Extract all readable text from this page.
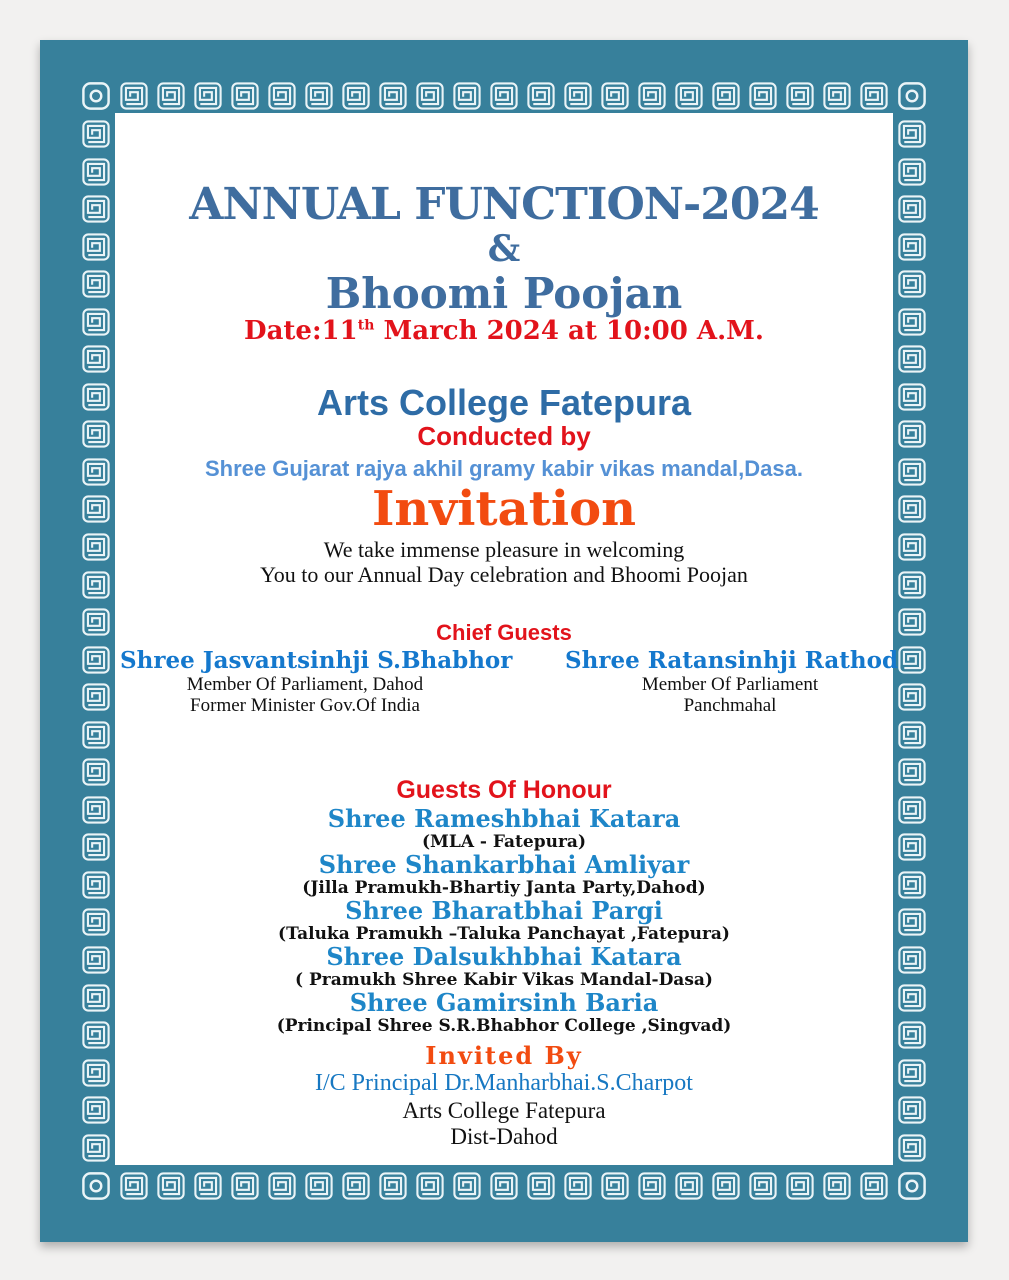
ANNUAL FUNCTION-2024
&
Bhoomi Poojan
Date:11th March 2024 at 10:00 A.M.
Arts College Fatepura
Conducted by
Shree Gujarat rajya akhil gramy kabir vikas mandal,Dasa.
Invitation
We take immense pleasure in welcoming
You to our Annual Day celebration and Bhoomi Poojan
Chief Guests
Shree Jasvantsinhji S.Bhabhor
Member Of Parliament, Dahod
Former Minister Gov.Of India
Shree Ratansinhji Rathod
Member Of Parliament
Panchmahal
Guests Of Honour
Shree Rameshbhai Katara
(MLA - Fatepura)
Shree Shankarbhai Amliyar
(Jilla Pramukh-Bhartiy Janta Party,Dahod)
Shree Bharatbhai Pargi
(Taluka Pramukh –Taluka Panchayat ,Fatepura)
Shree Dalsukhbhai Katara
( Pramukh Shree Kabir Vikas Mandal-Dasa)
Shree Gamirsinh Baria
(Principal Shree S.R.Bhabhor College ,Singvad)
Invited By
I/C Principal Dr.Manharbhai.S.Charpot
Arts College Fatepura
Dist-Dahod
